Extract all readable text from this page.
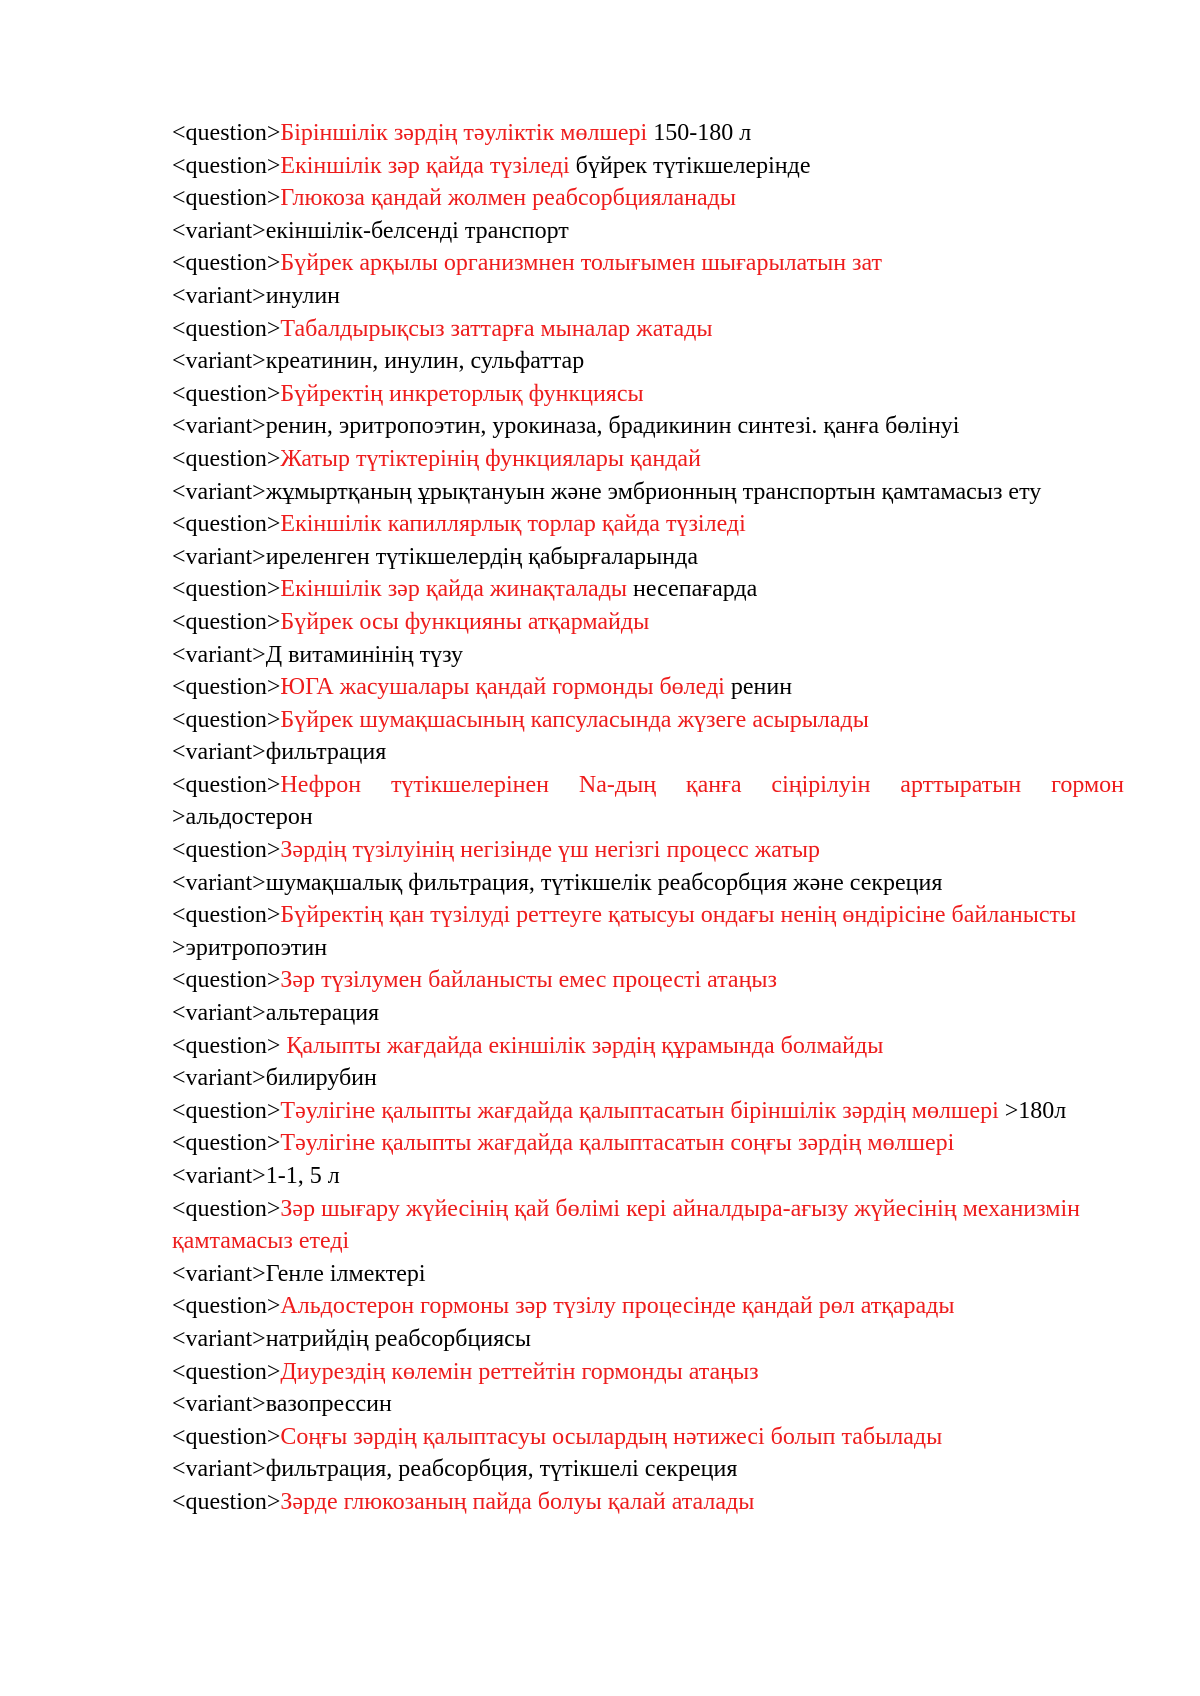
<question>Біріншілік зәрдің тәуліктік мөлшері 150-180 л
<question>Екіншілік зәр қайда түзіледі бүйрек түтікшелерінде
<question>Глюкоза қандай жолмен реабсорбцияланады
<variant>екіншілік-белсенді транспорт
<question>Бүйрек арқылы организмнен толығымен шығарылатын зат
<variant>инулин
<question>Табалдырықсыз заттарға мыналар жатады
<variant>креатинин, инулин, сульфаттар
<question>Бүйректің инкреторлық функциясы
<variant>ренин, эритропоэтин, урокиназа, брадикинин синтезі. қанға бөлінуі
<question>Жатыр түтіктерінің функциялары қандай
<variant>жұмыртқаның ұрықтануын және эмбрионның транспортын қамтамасыз ету
<question>Екіншілік капиллярлық торлар қайда түзіледі
<variant>иреленген түтікшелердің қабырғаларында
<question>Екіншілік зәр қайда жинақталады несепағарда
<question>Бүйрек осы функцияны атқармайды
<variant>Д витаминінің түзу
<question>ЮГА жасушалары қандай гормонды бөледі ренин
<question>Бүйрек шумақшасының капсуласында жүзеге асырылады
<variant>фильтрация
<question>Нефрон түтікшелерінен Na-дың қанға сіңірілуін арттыратын гормон >альдостерон
<question>Зәрдің түзілуінің негізінде үш негізгі процесс жатыр
<variant>шумақшалық фильтрация, түтікшелік реабсорбция және секреция
<question>Бүйректің қан түзілуді реттеуге қатысуы ондағы ненің өндірісіне байланысты >эритропоэтин
<question>Зәр түзілумен байланысты емес процесті атаңыз
<variant>альтерация
<question> Қалыпты жағдайда екіншілік зәрдің құрамында болмайды
<variant>билирубин
<question>Тәулігіне қалыпты жағдайда қалыптасатын біріншілік зәрдің мөлшері >180л
<question>Тәулігіне қалыпты жағдайда қалыптасатын соңғы зәрдің мөлшері
<variant>1-1, 5 л
<question>Зәр шығару жүйесінің қай бөлімі кері айналдыра-ағызу жүйесінің механизмін қамтамасыз етеді
<variant>Генле ілмектері
<question>Альдостерон гормоны зәр түзілу процесінде қандай рөл атқарады
<variant>натрийдің реабсорбциясы
<question>Диурездің көлемін реттейтін гормонды атаңыз
<variant>вазопрессин
<question>Соңғы зәрдің қалыптасуы осылардың нәтижесі болып табылады
<variant>фильтрация, реабсорбция, түтікшелі секреция
<question>Зәрде глюкозаның пайда болуы қалай аталады
